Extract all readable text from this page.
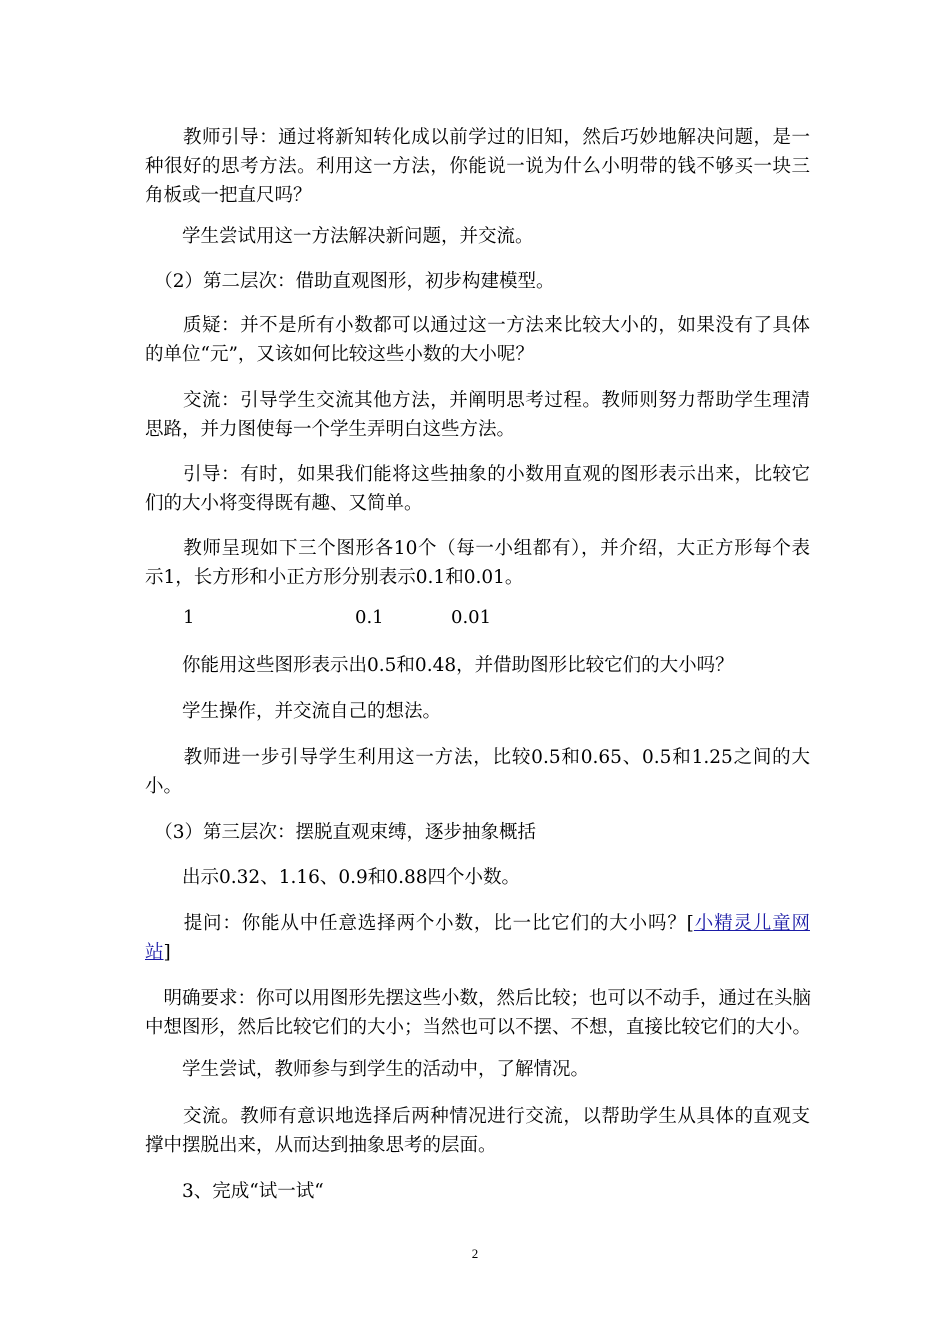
　　教师引导：通过将新知转化成以前学过的旧知，然后巧妙地解决问题，是一
种很好的思考方法。利用这一方法，你能说一说为什么小明带的钱不够买一块三
角板或一把直尺吗？
　　学生尝试用这一方法解决新问题，并交流。
　（2）第二层次：借助直观图形，初步构建模型。
　　质疑：并不是所有小数都可以通过这一方法来比较大小的，如果没有了具体
的单位“元”，又该如何比较这些小数的大小呢？
　　交流：引导学生交流其他方法，并阐明思考过程。教师则努力帮助学生理清
思路，并力图使每一个学生弄明白这些方法。
　　引导：有时，如果我们能将这些抽象的小数用直观的图形表示出来，比较它
们的大小将变得既有趣、又简单。
　　教师呈现如下三个图形各10个（每一小组都有），并介绍，大正方形每个表
示1，长方形和小正方形分别表示0.1和0.01。
1	0.1	0.01
　　你能用这些图形表示出0.5和0.48，并借助图形比较它们的大小吗？
　　学生操作，并交流自己的想法。
　　教师进一步引导学生利用这一方法，比较0.5和0.65、0.5和1.25之间的大
小。
　（3）第三层次：摆脱直观束缚，逐步抽象概括
　　出示0.32、1.16、0.9和0.88四个小数。
　　提问：你能从中任意选择两个小数，比一比它们的大小吗？[小精灵儿童网
站]
　明确要求：你可以用图形先摆这些小数，然后比较；也可以不动手，通过在头脑
中想图形，然后比较它们的大小；当然也可以不摆、不想，直接比较它们的大小。
　　学生尝试，教师参与到学生的活动中，了解情况。
　　交流。教师有意识地选择后两种情况进行交流，以帮助学生从具体的直观支
撑中摆脱出来，从而达到抽象思考的层面。
　　3、完成“试一试“
2
